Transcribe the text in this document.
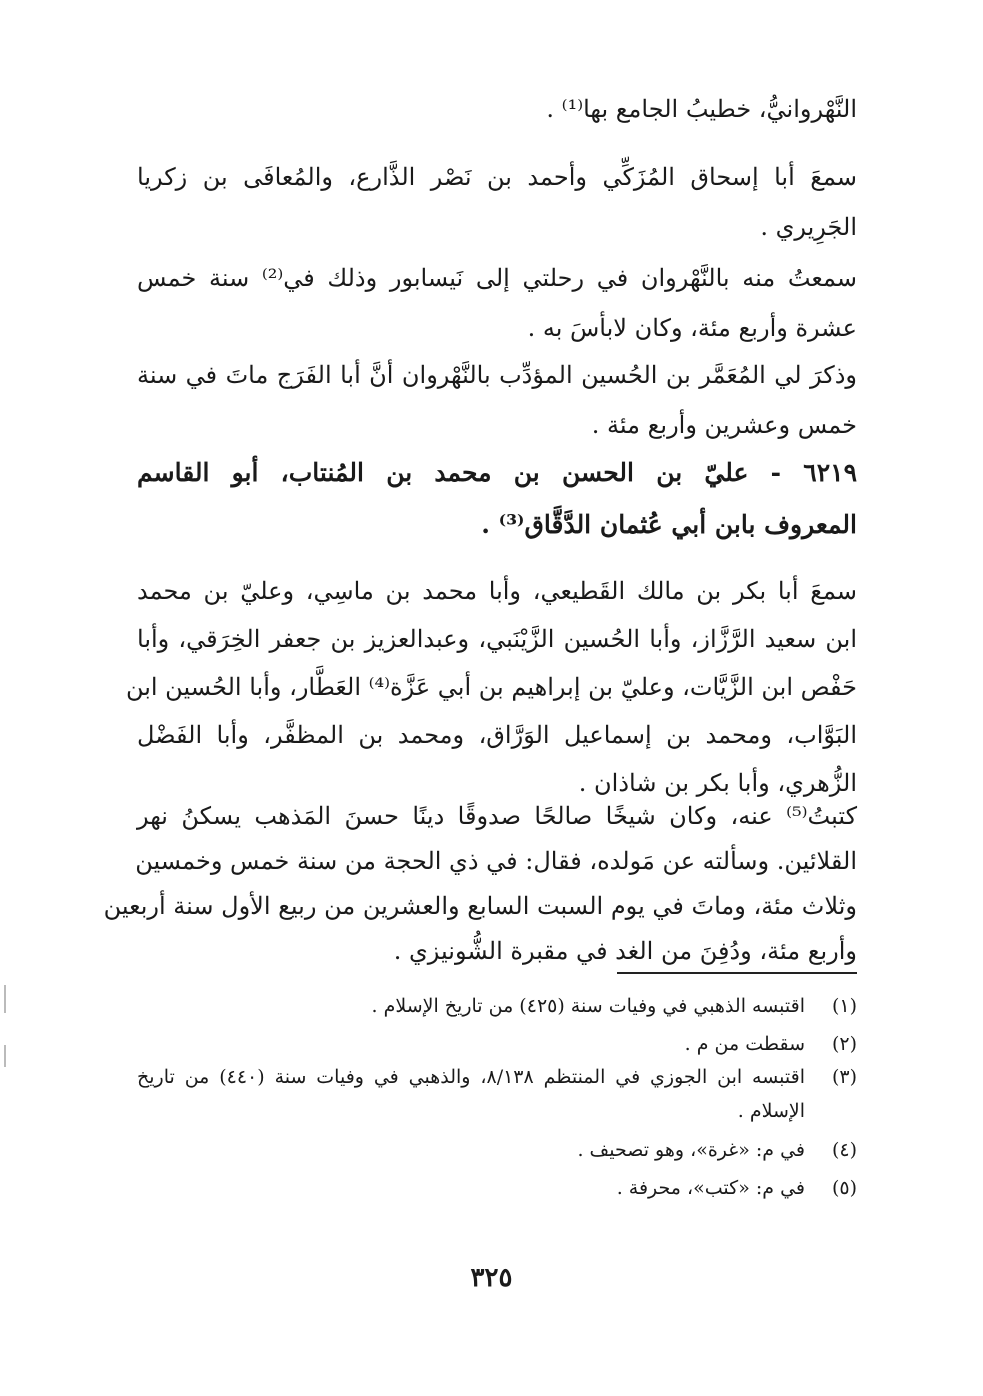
النَّهْروانيُّ، خطيبُ الجامع بها⁽¹⁾ .
سمعَ أبا إسحاق المُزَكِّي وأحمد بن نَصْر الذَّارع، والمُعافَى بن زكريا
الجَرِيري .
سمعتُ منه بالنَّهْروان في رحلتي إلى نَيسابور وذلك في⁽²⁾ سنة خمس
عشرة وأربع مئة، وكان لابأسَ به .
وذكرَ لي المُعَمَّر بن الحُسين المؤدِّب بالنَّهْروان أنَّ أبا الفَرَج ماتَ في سنة
خمس وعشرين وأربع مئة .
٦٢١٩ - عليّ بن الحسن بن محمد بن المُنتاب، أبو القاسم
المعروف بابن أبي عُثمان الدَّقَّاق⁽³⁾ .
سمعَ أبا بكر بن مالك القَطيعي، وأبا محمد بن ماسِي، وعليّ بن محمد
ابن سعيد الرَّزَّاز، وأبا الحُسين الزَّيْنَبي، وعبدالعزيز بن جعفر الخِرَقي، وأبا
حَفْص ابن الزَّيَّات، وعليّ بن إبراهيم بن أبي عَزَّة⁽⁴⁾ العَطَّار، وأبا الحُسين ابن
البَوَّاب، ومحمد بن إسماعيل الوَرَّاق، ومحمد بن المظفَّر، وأبا الفَضْل
الزُّهري، وأبا بكر بن شاذان .
كتبتُ⁽⁵⁾ عنه، وكان شيخًا صالحًا صدوقًا دينًا حسنَ المَذهب يسكنُ نهر
القلائين. وسألته عن مَولده، فقال: في ذي الحجة من سنة خمس وخمسين
وثلاث مئة، وماتَ في يوم السبت السابع والعشرين من ربيع الأول سنة أربعين
وأربع مئة، ودُفِنَ من الغد في مقبرة الشُّونيزي .
(١)
اقتبسه الذهبي في وفيات سنة (٤٢٥) من تاريخ الإسلام .
(٢)
سقطت من م .
(٣)
اقتبسه ابن الجوزي في المنتظم ٨/١٣٨، والذهبي في وفيات سنة (٤٤٠) من تاريخ
الإسلام .
(٤)
في م: «غرة»، وهو تصحيف .
(٥)
في م: «كتب»، محرفة .
٣٢٥
